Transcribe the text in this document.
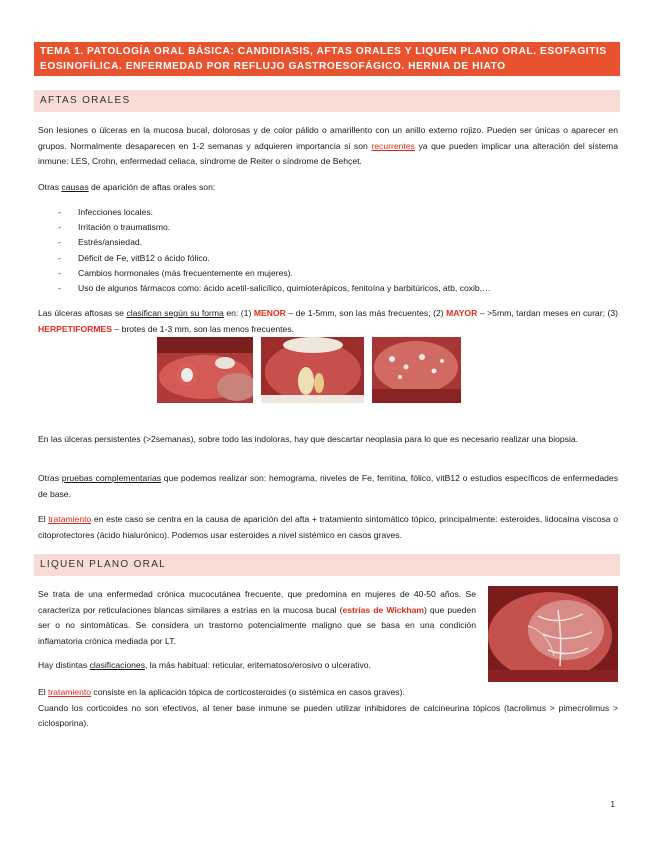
TEMA 1. PATOLOGÍA ORAL BÁSICA: CANDIDIASIS, AFTAS ORALES Y LIQUEN PLANO ORAL. ESOFAGITIS EOSINOFÍLICA. ENFERMEDAD POR REFLUJO GASTROESOFÁGICO. HERNIA DE HIATO
AFTAS ORALES

Son lesiones o úlceras en la mucosa bucal, dolorosas y de color pálido o amarillento con un anillo externo rojizo. Pueden ser únicas o aparecer en grupos. Normalmente desaparecen en 1-2 semanas y adquieren importancia si son recurrentes ya que pueden implicar una alteración del sistema inmune: LES, Crohn, enfermedad celiaca, síndrome de Reiter o síndrome de Behçet.

Otras causas de aparición de aftas orales son:

- Infecciones locales.
- Irritación o traumatismo.
- Estrés/ansiedad.
- Déficit de Fe, vitB12 o ácido fólico.
- Cambios hormonales (más frecuentemente en mujeres).
- Uso de algunos fármacos como: ácido acetil-salicílico, quimioterápicos, fenitoína y barbitúricos, atb, coxib,…

Las úlceras aftosas se clasifican según su forma en: (1) MENOR – de 1-5mm, son las más frecuentes; (2) MAYOR – >5mm, tardan meses en curar; (3) HERPETIFORMES – brotes de 1-3 mm, son las menos frecuentes.

En las úlceras persistentes (>2semanas), sobre todo las indoloras, hay que descartar neoplasia para lo que es necesario realizar una biopsia.

Otras pruebas complementarias que podemos realizar son: hemograma, niveles de Fe, ferritina, fólico, vitB12 o estudios específicos de enfermedades de base.

El tratamiento en este caso se centra en la causa de aparición del afta + tratamiento sintomático tópico, principalmente: esteroides, lidocaína viscosa o citoprotectores (ácido hialurónico). Podemos usar esteroides a nivel sistémico en casos graves.

LIQUEN PLANO ORAL

Se trata de una enfermedad crónica mucocutánea frecuente, que predomina en mujeres de 40-50 años. Se caracteriza por reticulaciones blancas similares a estrías en la mucosa bucal (estrías de Wickham) que pueden ser o no sintomáticas. Se considera un trastorno potencialmente maligno que se basa en una condición inflamatoria crónica mediada por LT.

Hay distintas clasificaciones, la más habitual: reticular, eritematoso/erosivo o ulcerativo.

El tratamiento consiste en la aplicación tópica de corticosteroides (o sistémica en casos graves).
Cuando los corticoides no son efectivos, al tener base inmune se pueden utilizar inhibidores de calcineurina tópicos (tacrolimus > pimecrolimus > ciclosporina).

1
